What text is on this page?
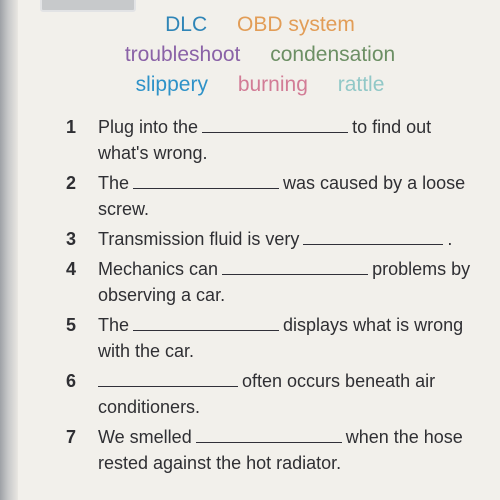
DLC OBD system
troubleshoot condensation
slippery burning rattle
1	Plug into the	to find out
what's wrong.
2	The	was caused by a loose
screw.
3	Transmission fluid is very	.
4	Mechanics can	problems by
observing a car.
5	The	displays what is wrong
with the car.
6	often occurs beneath air
conditioners.
7	We smelled	when the hose
rested against the hot radiator.
